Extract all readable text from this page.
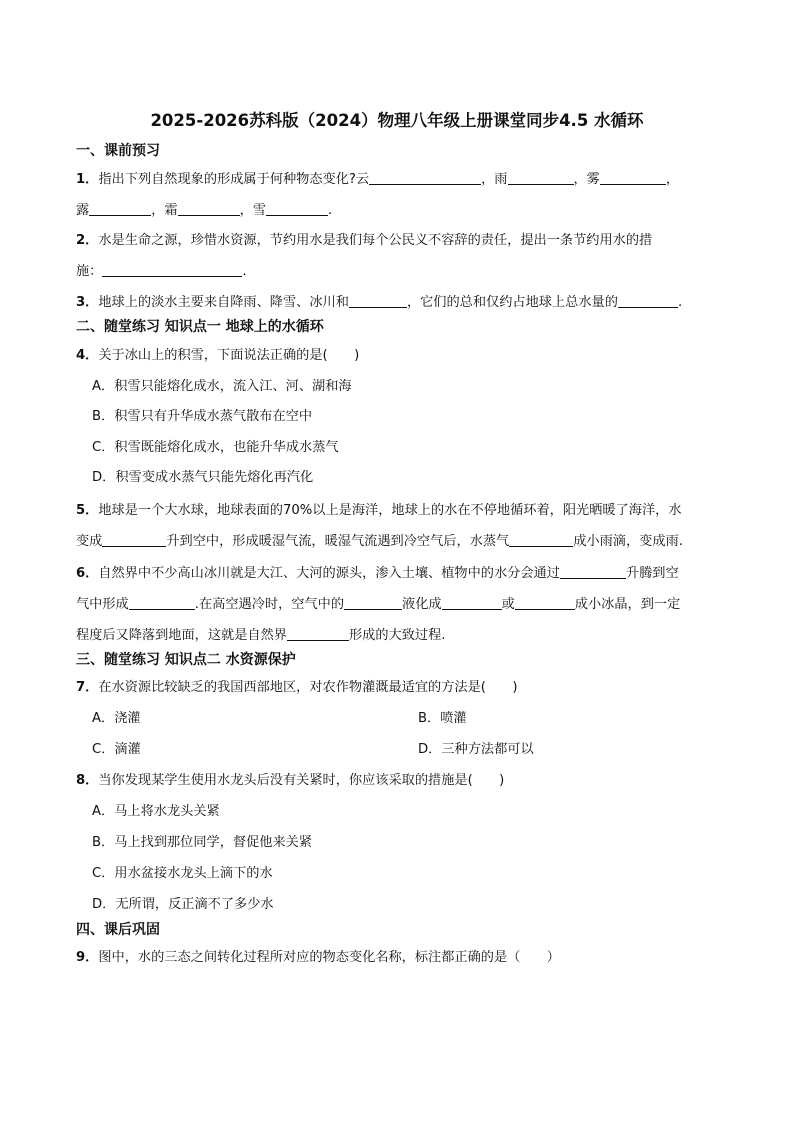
2025-2026苏科版（2024）物理八年级上册课堂同步4.5 水循环
一、课前预习
1．指出下列自然现象的形成属于何种物态变化?云	，雨	，雾	，
露	，霜	，雪	.
2．水是生命之源，珍惜水资源，节约用水是我们每个公民义不容辞的责任，提出一条节约用水的措
施：	.
3．地球上的淡水主要来自降雨、降雪、冰川和	，它们的总和仅约占地球上总水量的	.
二、随堂练习 知识点一 地球上的水循环
4．关于冰山上的积雪，下面说法正确的是(　　)
A．积雪只能熔化成水，流入江、河、湖和海
B．积雪只有升华成水蒸气散布在空中
C．积雪既能熔化成水，也能升华成水蒸气
D．积雪变成水蒸气只能先熔化再汽化
5．地球是一个大水球，地球表面的70%以上是海洋，地球上的水在不停地循环着，阳光晒暖了海洋，水
变成	升到空中，形成暖湿气流，暖湿气流遇到冷空气后，水蒸气	成小雨滴，变成雨.
6．自然界中不少高山冰川就是大江、大河的源头，渗入土壤、植物中的水分会通过	升腾到空
气中形成	.在高空遇冷时，空气中的	液化成	或	成小冰晶，到一定
程度后又降落到地面，这就是自然界	形成的大致过程.
三、随堂练习 知识点二 水资源保护
7．在水资源比较缺乏的我国西部地区，对农作物灌溉最适宜的方法是(　　)
A．浇灌	B．喷灌
C．滴灌	D．三种方法都可以
8．当你发现某学生使用水龙头后没有关紧时，你应该采取的措施是(　　)
A．马上将水龙头关紧
B．马上找到那位同学，督促他来关紧
C．用水盆接水龙头上滴下的水
D．无所谓，反正滴不了多少水
四、课后巩固
9．图中，水的三态之间转化过程所对应的物态变化名称，标注都正确的是（　　）
